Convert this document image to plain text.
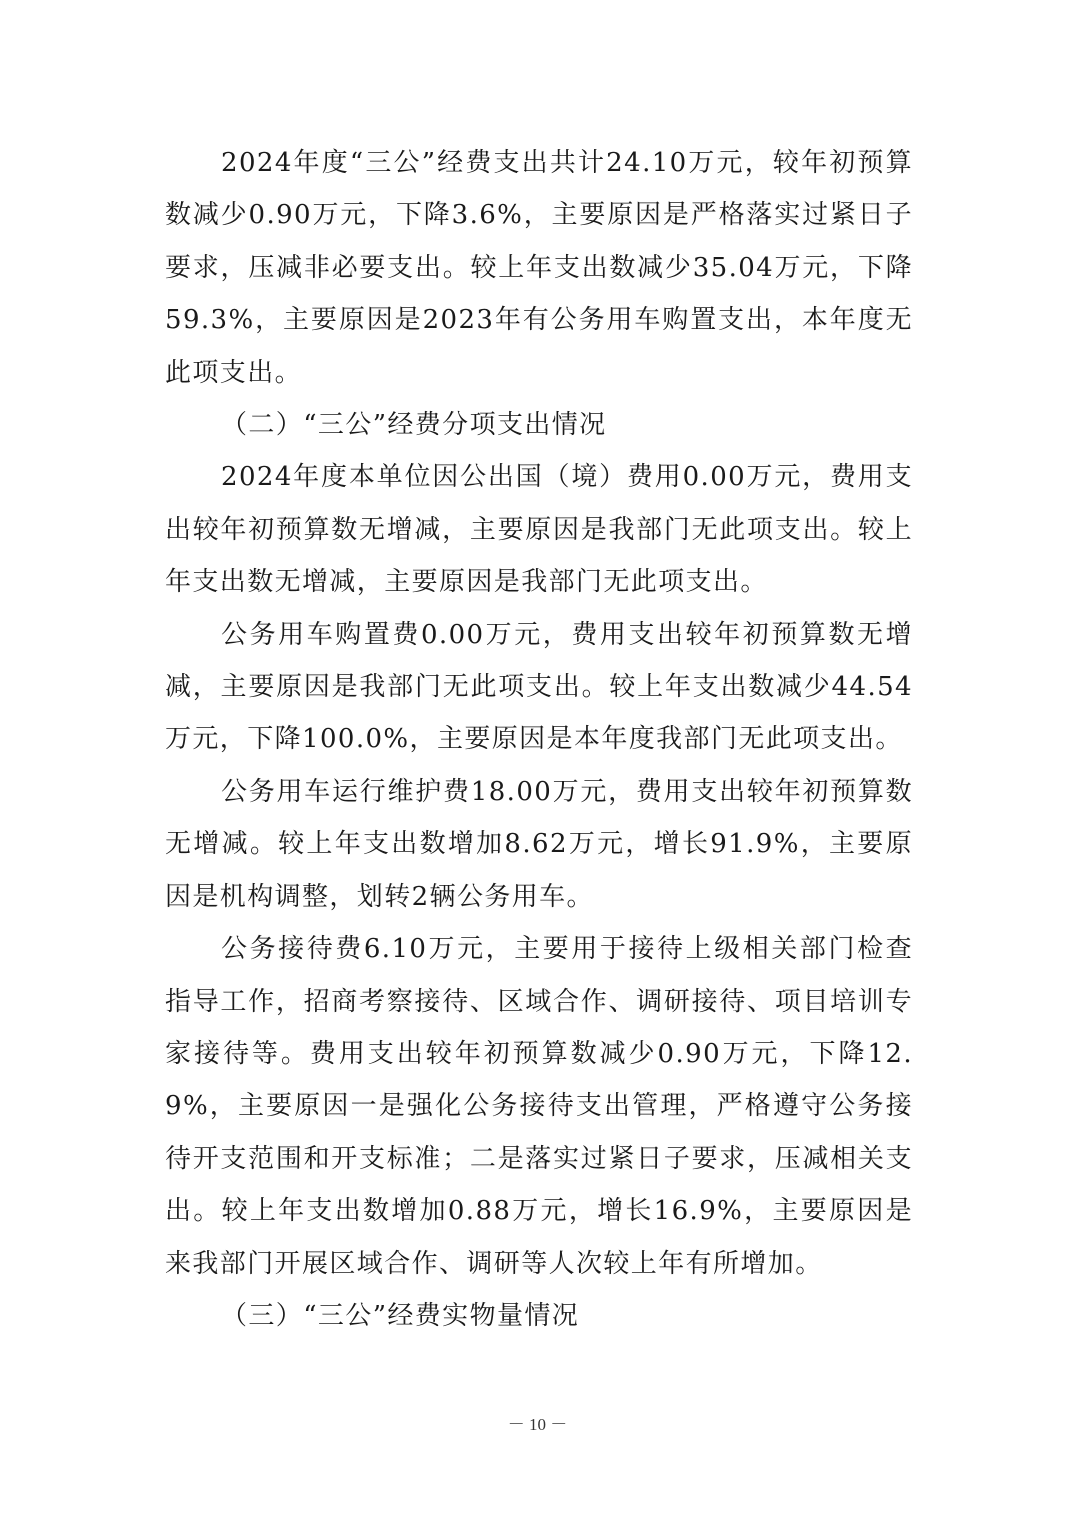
2024年度“三公”经费支出共计24.10万元，较年初预算数减少0.90万元，下降3.6%，主要原因是严格落实过紧日子要求，压减非必要支出。较上年支出数减少35.04万元，下降59.3%，主要原因是2023年有公务用车购置支出，本年度无此项支出。

（二）“三公”经费分项支出情况

2024年度本单位因公出国（境）费用0.00万元，费用支出较年初预算数无增减，主要原因是我部门无此项支出。较上年支出数无增减，主要原因是我部门无此项支出。

公务用车购置费0.00万元，费用支出较年初预算数无增减，主要原因是我部门无此项支出。较上年支出数减少44.54万元，下降100.0%，主要原因是本年度我部门无此项支出。

公务用车运行维护费18.00万元，费用支出较年初预算数无增减。较上年支出数增加8.62万元，增长91.9%，主要原因是机构调整，划转2辆公务用车。

公务接待费6.10万元，主要用于接待上级相关部门检查指导工作，招商考察接待、区域合作、调研接待、项目培训专家接待等。费用支出较年初预算数减少0.90万元，下降12.9%，主要原因一是强化公务接待支出管理，严格遵守公务接待开支范围和开支标准；二是落实过紧日子要求，压减相关支出。较上年支出数增加0.88万元，增长16.9%，主要原因是来我部门开展区域合作、调研等人次较上年有所增加。

（三）“三公”经费实物量情况

－ 10 －
